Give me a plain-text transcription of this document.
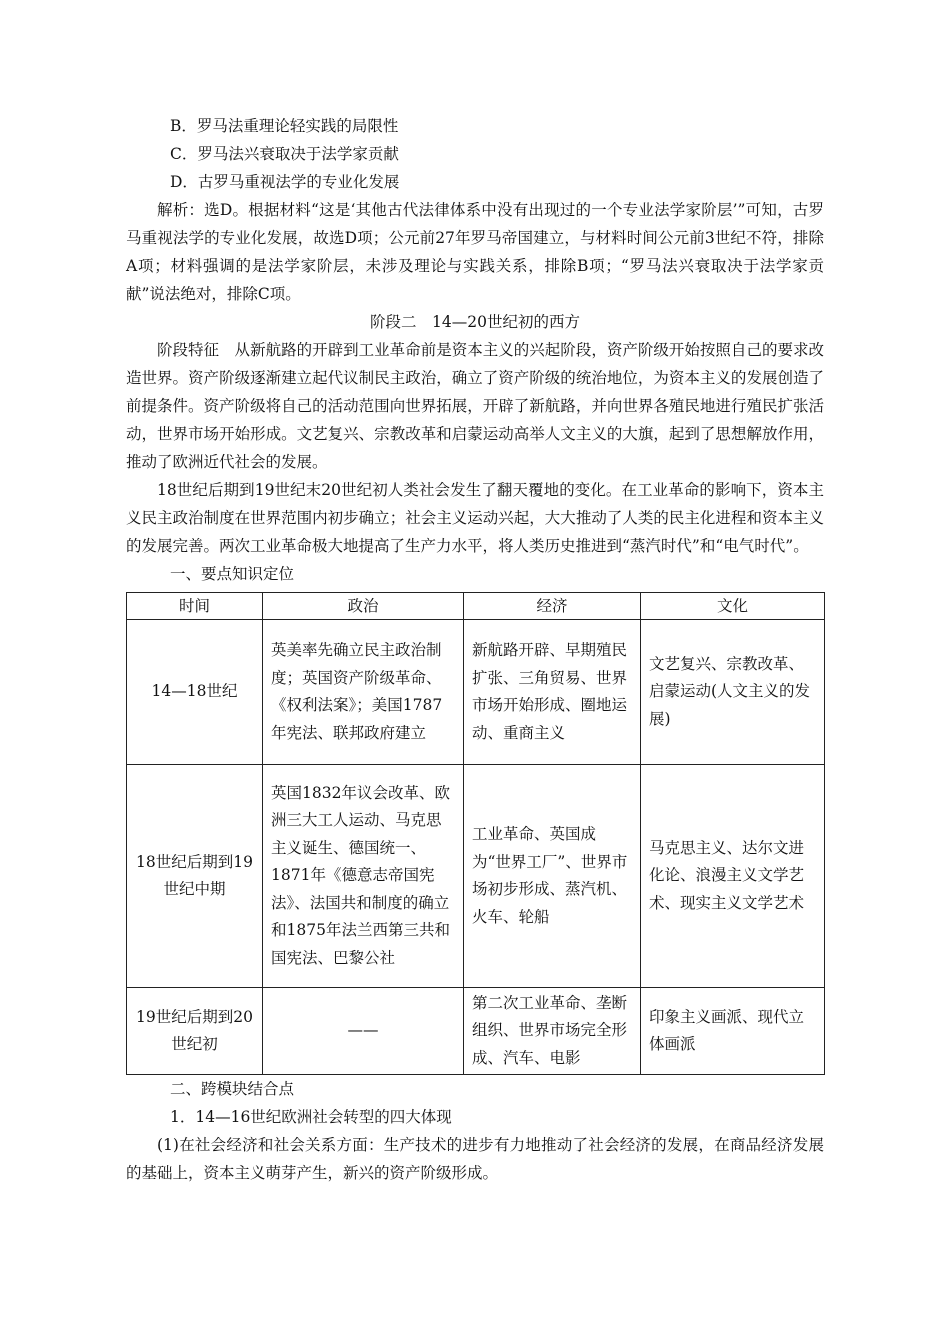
B．罗马法重理论轻实践的局限性

C．罗马法兴衰取决于法学家贡献

D．古罗马重视法学的专业化发展

解析：选D。根据材料“这是‘其他古代法律体系中没有出现过的一个专业法学家阶层’”可知，古罗马重视法学的专业化发展，故选D项；公元前27年罗马帝国建立，与材料时间公元前3世纪不符，排除A项；材料强调的是法学家阶层，未涉及理论与实践关系，排除B项；“罗马法兴衰取决于法学家贡献”说法绝对，排除C项。

阶段二　14—20世纪初的西方

阶段特征　从新航路的开辟到工业革命前是资本主义的兴起阶段，资产阶级开始按照自己的要求改造世界。资产阶级逐渐建立起代议制民主政治，确立了资产阶级的统治地位，为资本主义的发展创造了前提条件。资产阶级将自己的活动范围向世界拓展，开辟了新航路，并向世界各殖民地进行殖民扩张活动，世界市场开始形成。文艺复兴、宗教改革和启蒙运动高举人文主义的大旗，起到了思想解放作用，推动了欧洲近代社会的发展。

18世纪后期到19世纪末20世纪初人类社会发生了翻天覆地的变化。在工业革命的影响下，资本主义民主政治制度在世界范围内初步确立；社会主义运动兴起，大大推动了人类的民主化进程和资本主义的发展完善。两次工业革命极大地提高了生产力水平，将人类历史推进到“蒸汽时代”和“电气时代”。

一、要点知识定位

时间	政治	经济	文化
14—18世纪	英美率先确立民主政治制度；英国资产阶级革命、《权利法案》；美国1787年宪法、联邦政府建立	新航路开辟、早期殖民扩张、三角贸易、世界市场开始形成、圈地运动、重商主义	文艺复兴、宗教改革、启蒙运动(人文主义的发展)
18世纪后期到19世纪中期	英国1832年议会改革、欧洲三大工人运动、马克思主义诞生、德国统一、1871年《德意志帝国宪法》、法国共和制度的确立和1875年法兰西第三共和国宪法、巴黎公社	工业革命、英国成为“世界工厂”、世界市场初步形成、蒸汽机、火车、轮船	马克思主义、达尔文进化论、浪漫主义文学艺术、现实主义文学艺术
19世纪后期到20世纪初	——	第二次工业革命、垄断组织、世界市场完全形成、汽车、电影	印象主义画派、现代立体画派

二、跨模块结合点

1．14—16世纪欧洲社会转型的四大体现

(1)在社会经济和社会关系方面：生产技术的进步有力地推动了社会经济的发展，在商品经济发展的基础上，资本主义萌芽产生，新兴的资产阶级形成。
